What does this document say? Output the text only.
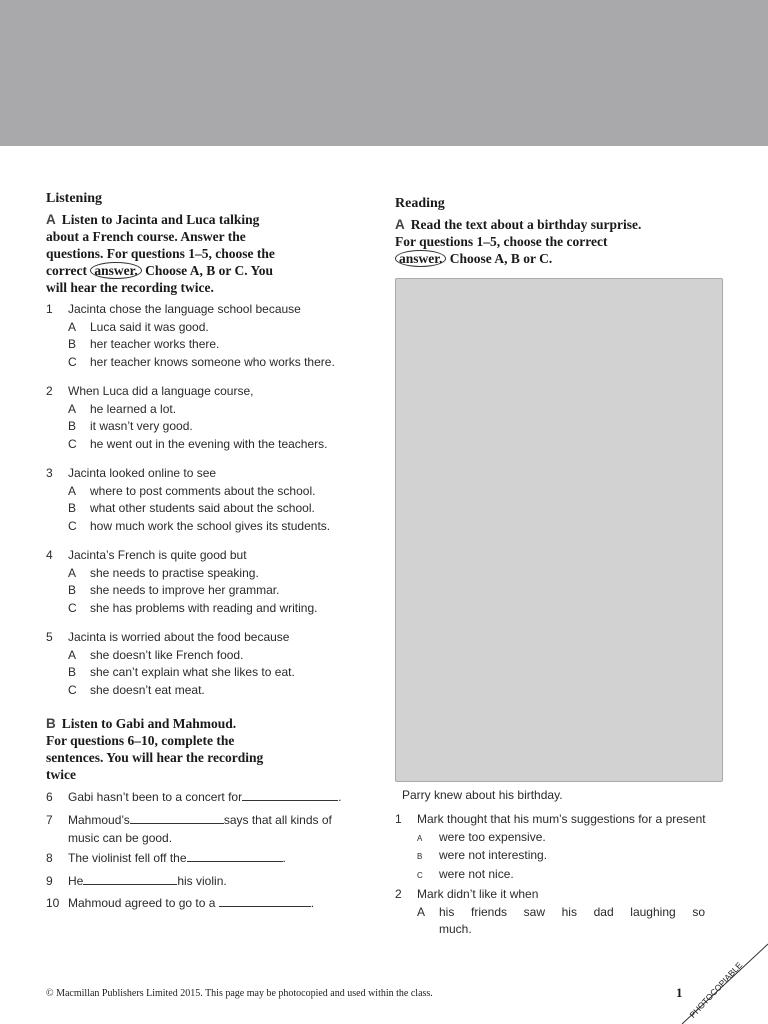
Listening
A Listen to Jacinta and Luca talking
about a French course. Answer the
questions. For questions 1–5, choose the
correct answer. Choose A, B or C. You
will hear the recording twice.
1 Jacinta chose the language school because
A Luca said it was good.
B her teacher works there.
C her teacher knows someone who works there.
2 When Luca did a language course,
A he learned a lot.
B it wasn’t very good.
C he went out in the evening with the teachers.
3 Jacinta looked online to see
A where to post comments about the school.
B what other students said about the school.
C how much work the school gives its students.
4 Jacinta’s French is quite good but
A she needs to practise speaking.
B she needs to improve her grammar.
C she has problems with reading and writing.
5 Jacinta is worried about the food because
A she doesn’t like French food.
B she can’t explain what she likes to eat.
C she doesn’t eat meat.
B Listen to Gabi and Mahmoud.
For questions 6–10, complete the
sentences. You will hear the recording
twice
6 Gabi hasn’t been to a concert for	.
7 Mahmoud’s	says that all kinds of
music can be good.
8 The violinist fell off the	.
9 He	his violin.
10 Mahmoud agreed to go to a	.
Reading
A Read the text about a birthday surprise.
For questions 1–5, choose the correct
answer. Choose A, B or C.
Parry knew about his birthday.
1 Mark thought that his mum’s suggestions for a present
A were too expensive.
B were not interesting.
C were not nice.
2 Mark didn’t like it when
A his friends saw his dad laughing so
much.
© Macmillan Publishers Limited 2015. This page may be photocopied and used within the class.	1 PHOTOCOPIABLE
